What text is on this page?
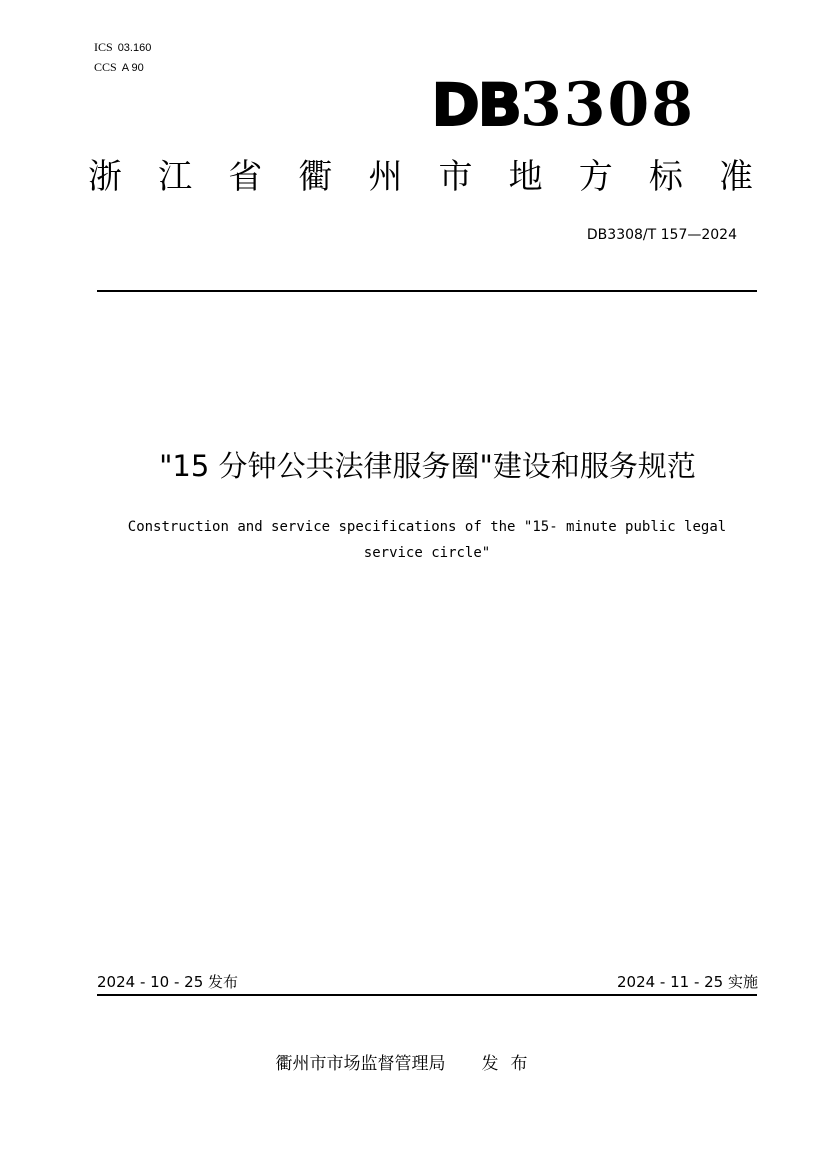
ICS 03.160
CCS A 90
DB3308
浙 江 省 衢 州 市 地 方 标 准
DB3308/T 157—2024
"15 分钟公共法律服务圈"建设和服务规范
Construction and service specifications of the "15- minute public legal
service circle"
2024 - 10 - 25 发布	2024 - 11 - 25 实施
衢州市市场监督管理局 发布
